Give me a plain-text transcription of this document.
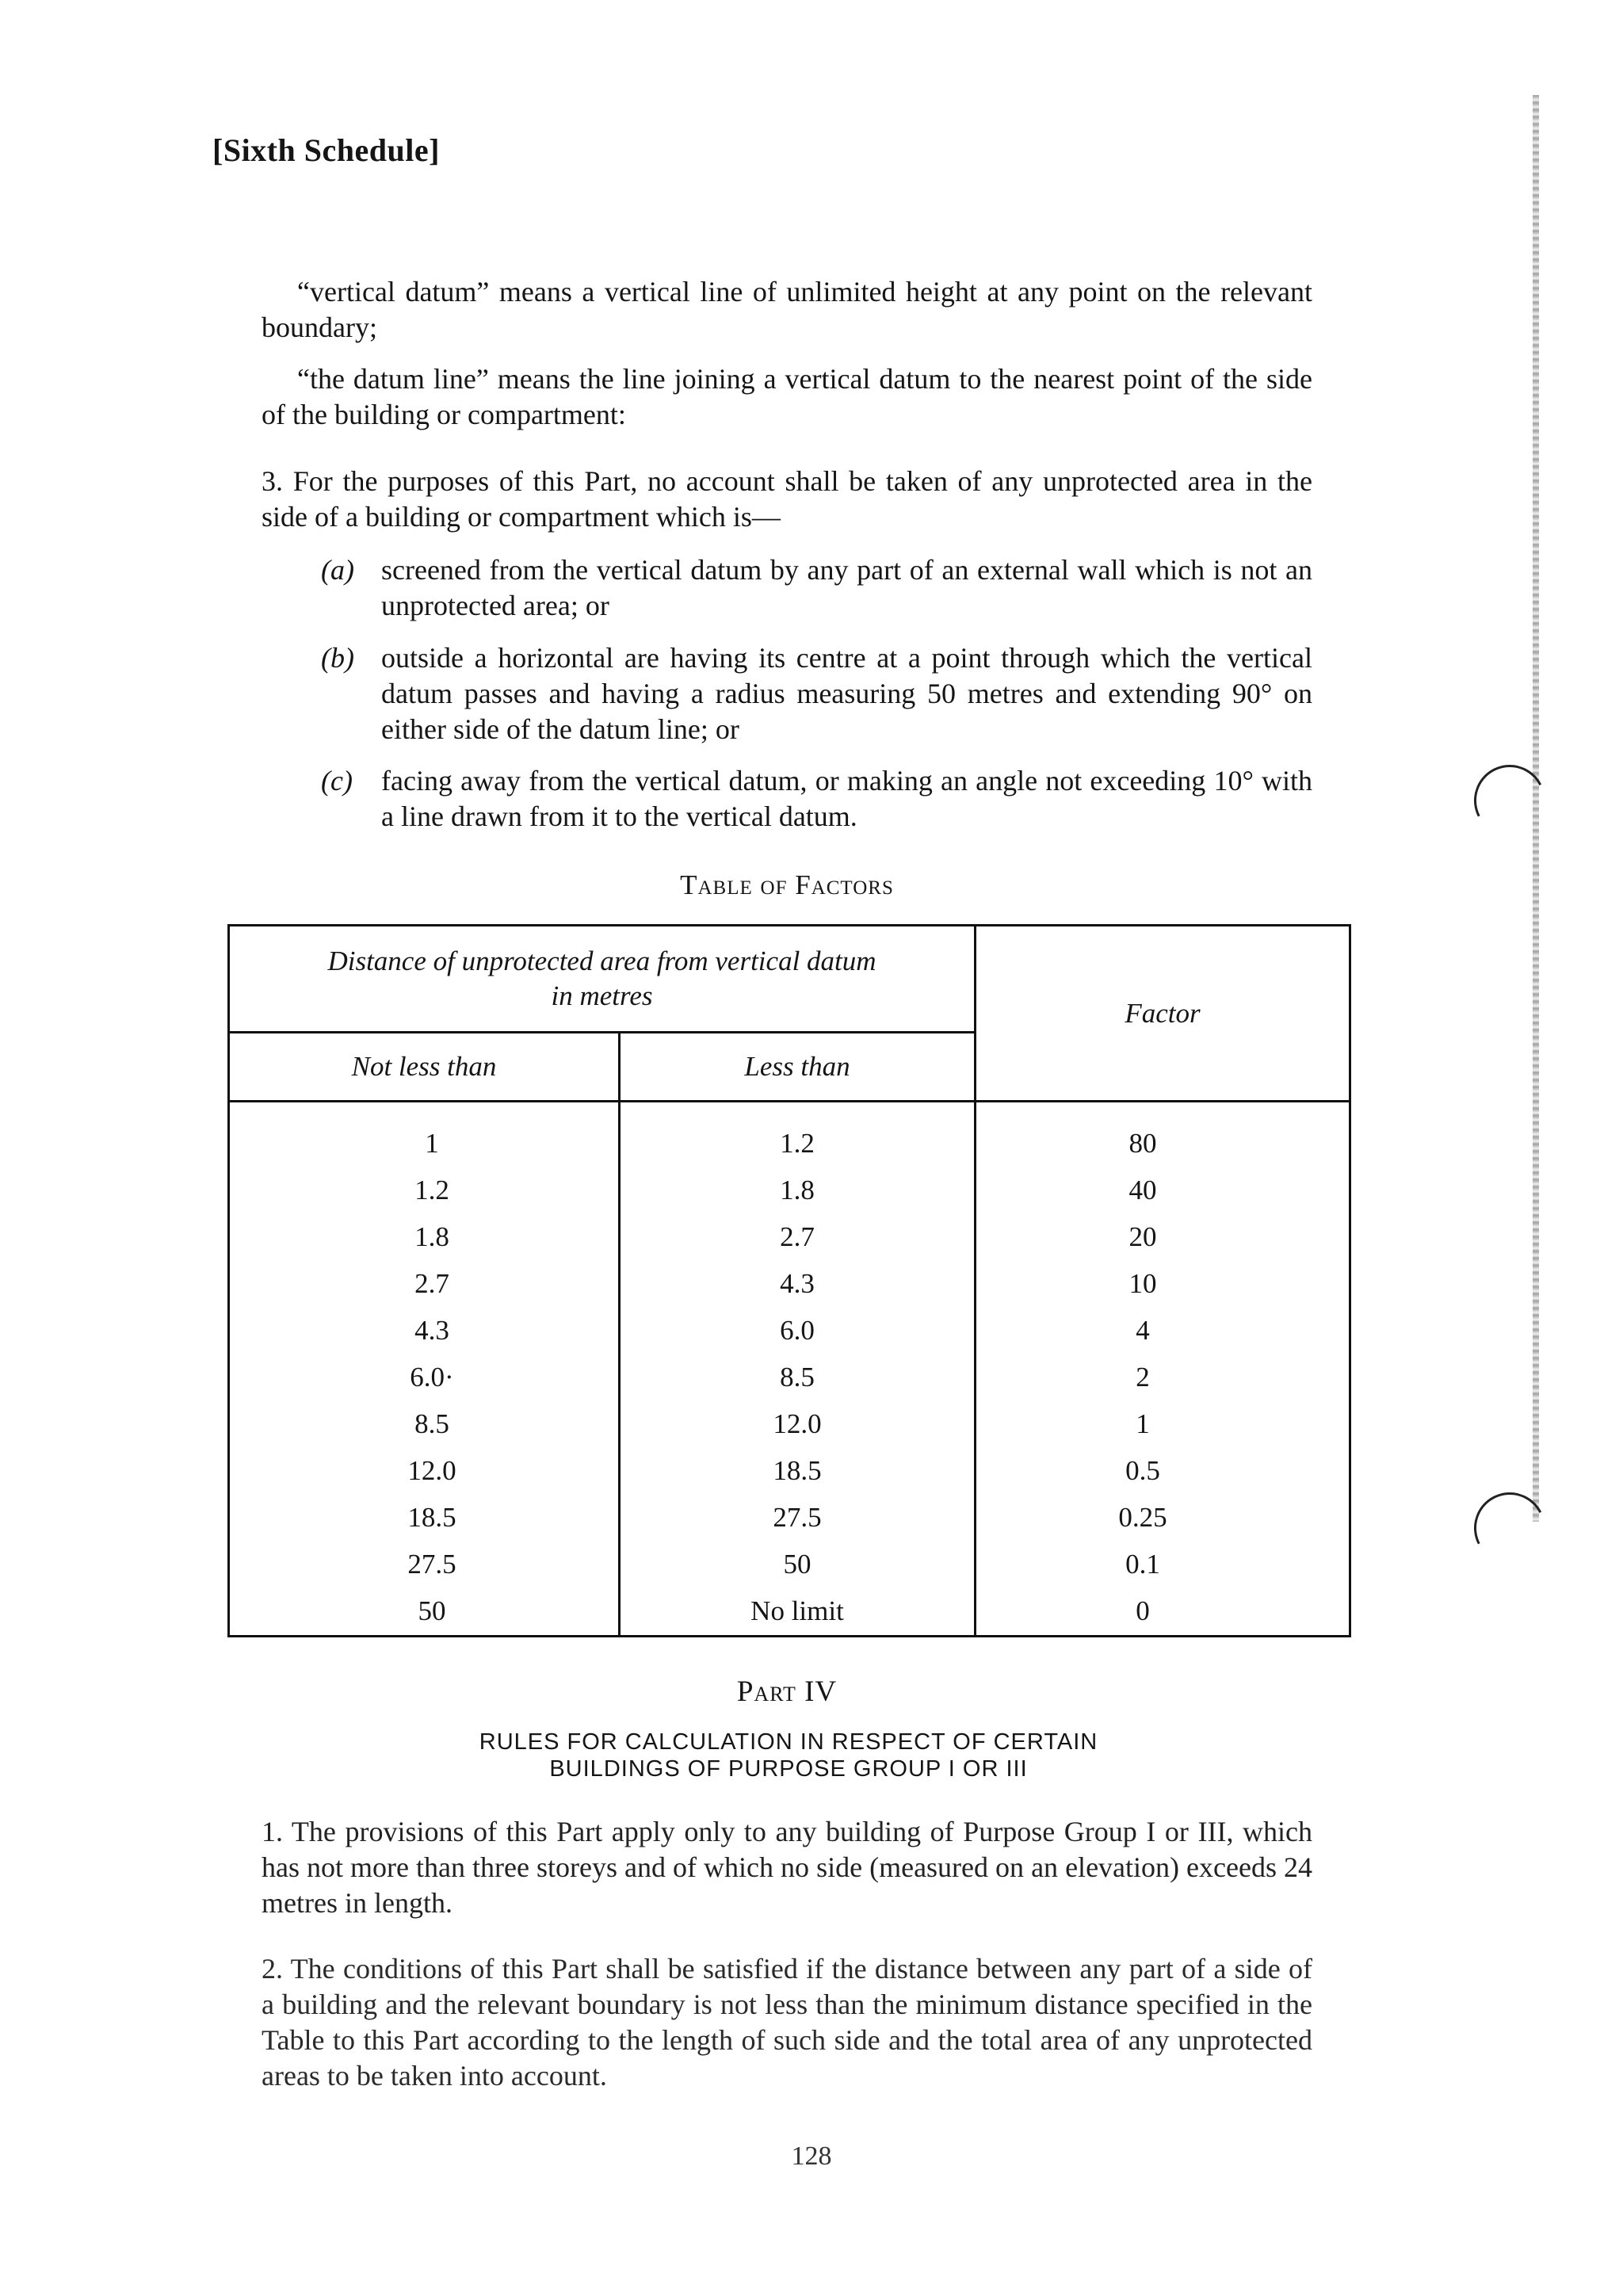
[Sixth Schedule]
“vertical datum” means a vertical line of unlimited height at any point on the relevant boundary;
“the datum line” means the line joining a vertical datum to the nearest point of the side of the building or compartment:
3. For the purposes of this Part, no account shall be taken of any unprotected area in the side of a building or compartment which is—
(a) screened from the vertical datum by any part of an external wall which is not an unprotected area; or
(b) outside a horizontal are having its centre at a point through which the vertical datum passes and having a radius measuring 50 metres and extending 90° on either side of the datum line; or
(c) facing away from the vertical datum, or making an angle not exceeding 10° with a line drawn from it to the vertical datum.
Table of Factors
Distance of unprotected area from vertical datum
in metres
Factor
Not less than	Less than
1	1.2	80
1.2	1.8	40
1.8	2.7	20
2.7	4.3	10
4.3	6.0	4
6.0·	8.5	2
8.5	12.0	1
12.0	18.5	0.5
18.5	27.5	0.25
27.5	50	0.1
50	No limit	0
Part IV
RULES FOR CALCULATION IN RESPECT OF CERTAIN
BUILDINGS OF PURPOSE GROUP I OR III
1. The provisions of this Part apply only to any building of Purpose Group I or III, which has not more than three storeys and of which no side (measured on an elevation) exceeds 24 metres in length.
2. The conditions of this Part shall be satisfied if the distance between any part of a side of a building and the relevant boundary is not less than the minimum distance specified in the Table to this Part according to the length of such side and the total area of any unprotected areas to be taken into account.
128
